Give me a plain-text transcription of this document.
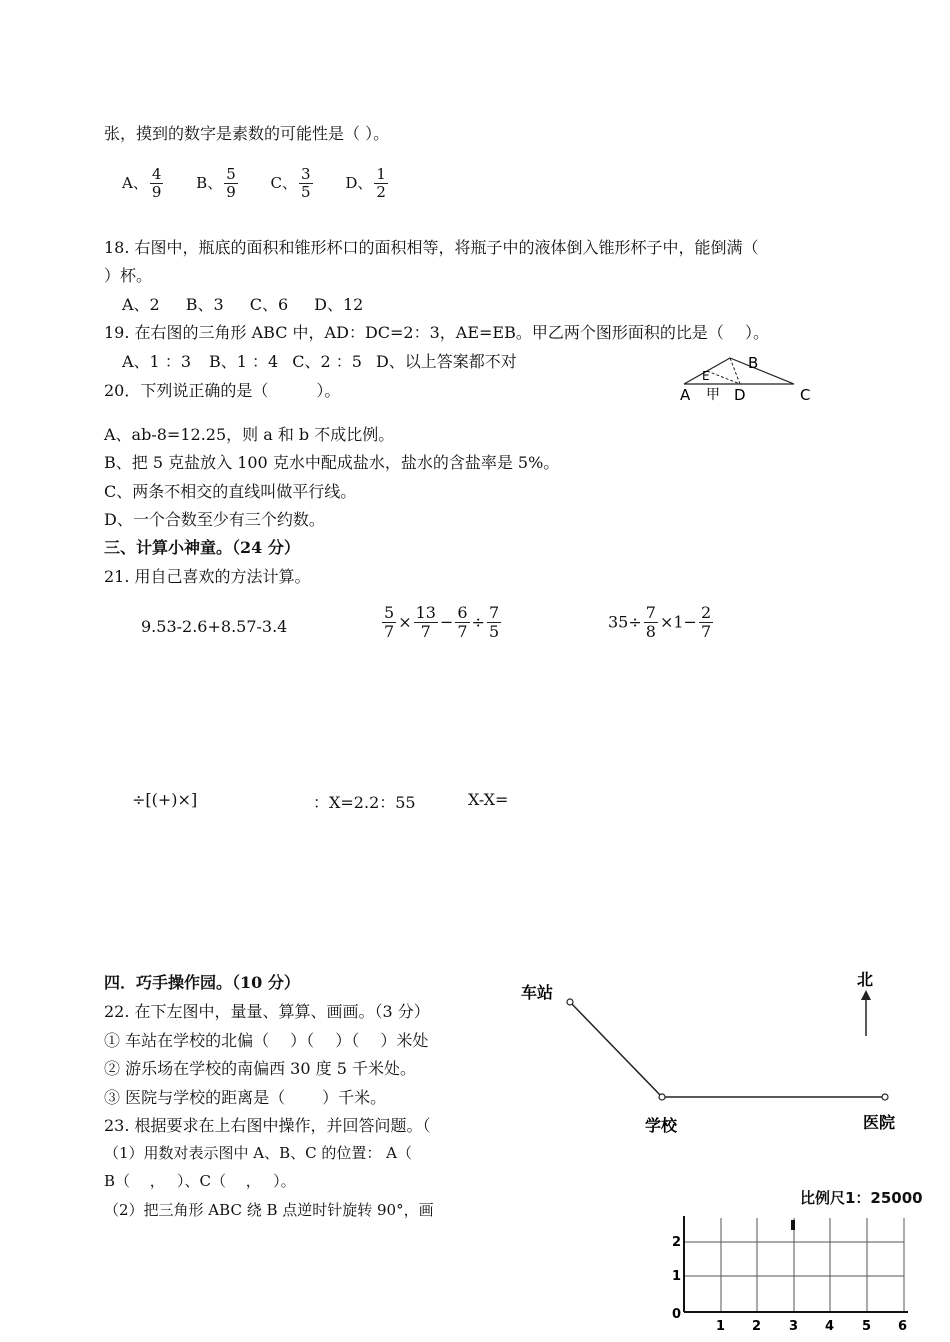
张，摸到的数字是素数的可能性是（ ）。
A、 $\frac{4}{9}$ B、 $\frac{5}{9}$ C、 $\frac{3}{5}$ D、 $\frac{1}{2}$
18. 右图中，瓶底的面积和锥形杯口的面积相等，将瓶子中的液体倒入锥形杯子中，能倒满（
）杯。
A、2 B、3 C、6 D、12
19. 在右图的三角形 ABC 中，AD：DC=2：3，AE=EB。甲乙两个图形面积的比是（　 ）。
A、1 ：3 B、1 ：4 C、2 ：5 D、以上答案都不对	B
A
E
甲 D	C
20．下列说正确的是（　　　）。
A、ab-8=12.25，则 a 和 b 不成比例。
B、把 5 克盐放入 100 克水中配成盐水，盐水的含盐率是 5%。
C、两条不相交的直线叫做平行线。
D、一个合数至少有三个约数。
三、计算小神童。（24 分）
21. 用自己喜欢的方法计算。
9.53-2.6+8.57-3.4	$\frac{5}{7} \times \frac{13}{7} - \frac{6}{7} \div \frac{7}{5}$	$35\div \frac{7}{8} \times 1- \frac{2}{7}$
÷[(+)×]	：X=2.2：55	X-X=
四．巧手操作园。（10 分）
22. 在下左图中，量量、算算、画画。（3 分）
① 车站在学校的北偏（　 ）（　 ）（　 ）米处
② 游乐场在学校的南偏西 30 度 5 千米处。
③ 医院与学校的距离是（　　 ）千米。
23. 根据要求在上右图中操作，并回答问题。（
（1）用数对表示图中 A、B、C 的位置： A（
B（　 ，　 ）、C（　 ，　 ）。
（2）把三角形 ABC 绕 B 点逆时针旋转 90°，画
车站
学校	医院
北
比例尺1：25000
2
1
0
1 2 3 4 5 6
